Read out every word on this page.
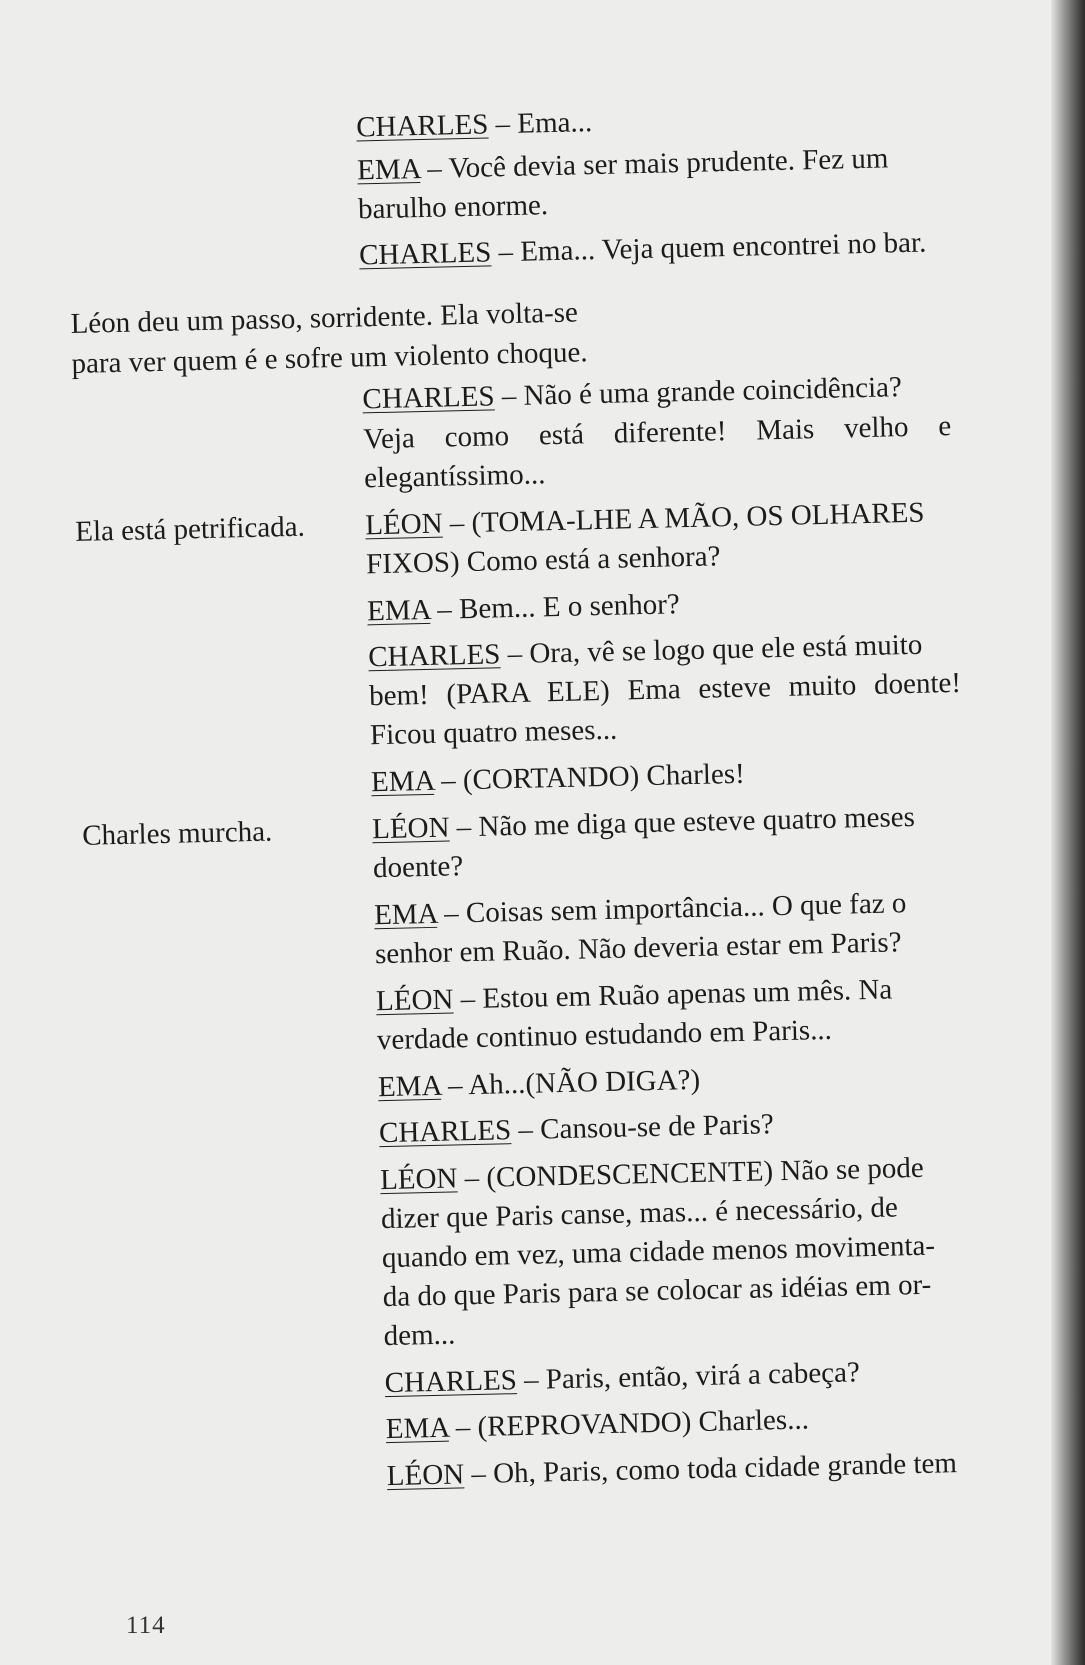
CHARLES – Ema...
EMA – Você devia ser mais prudente. Fez um
barulho enorme.
CHARLES – Ema... Veja quem encontrei no bar.
Léon deu um passo, sorridente. Ela volta-se
para ver quem é e sofre um violento choque.
CHARLES – Não é uma grande coincidência?
Veja como está diferente! Mais velho e
elegantíssimo...
Ela está petrificada. LÉON – (TOMA-LHE A MÃO, OS OLHARES
FIXOS) Como está a senhora?
EMA – Bem... E o senhor?
CHARLES – Ora, vê se logo que ele está muito
bem! (PARA ELE) Ema esteve muito doente!
Ficou quatro meses...
EMA – (CORTANDO) Charles!
Charles murcha.	LÉON – Não me diga que esteve quatro meses
doente?
EMA – Coisas sem importância... O que faz o
senhor em Ruão. Não deveria estar em Paris?
LÉON – Estou em Ruão apenas um mês. Na
verdade continuo estudando em Paris...
EMA – Ah...(NÃO DIGA?)
CHARLES – Cansou-se de Paris?
LÉON – (CONDESCENCENTE) Não se pode
dizer que Paris canse, mas... é necessário, de
quando em vez, uma cidade menos movimenta-
da do que Paris para se colocar as idéias em or-
dem...
CHARLES – Paris, então, virá a cabeça?
EMA – (REPROVANDO) Charles...
LÉON – Oh, Paris, como toda cidade grande tem
114
